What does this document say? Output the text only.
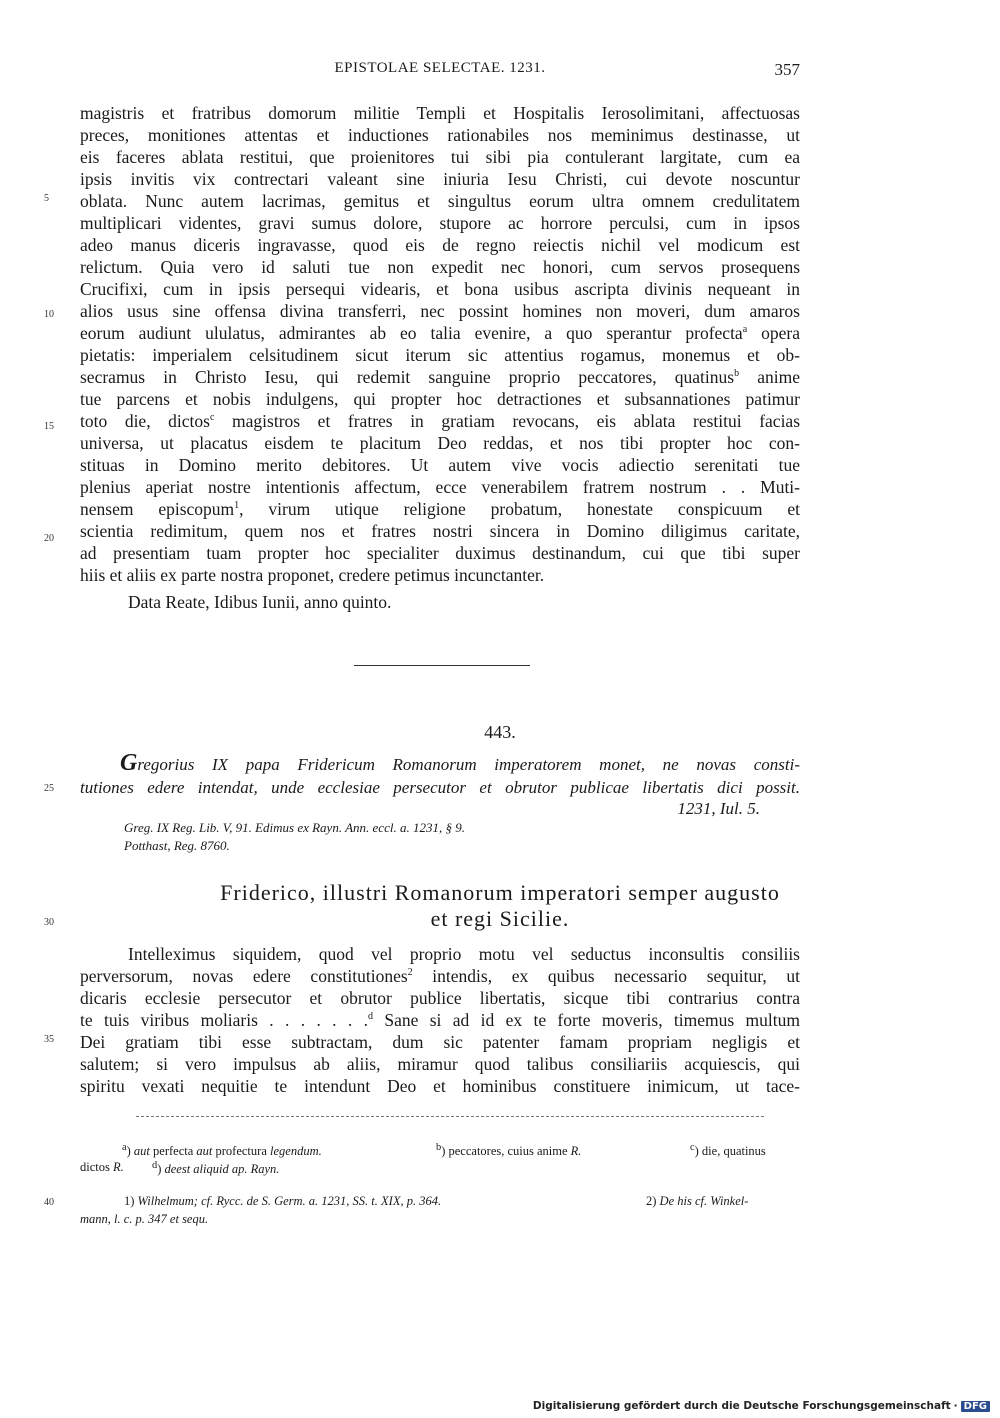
EPISTOLAE SELECTAE. 1231.	357
5
10
15
20
25
30
35
40
magistris et fratribus domorum militie Templi et Hospitalis Ierosolimitani, affectuosas
preces, monitiones attentas et inductiones rationabiles nos meminimus destinasse, ut
eis faceres ablata restitui, que proienitores tui sibi pia contulerant largitate, cum ea
ipsis invitis vix contrectari valeant sine iniuria Iesu Christi, cui devote noscuntur
oblata. Nunc autem lacrimas, gemitus et singultus eorum ultra omnem credulitatem
multiplicari videntes, gravi sumus dolore, stupore ac horrore perculsi, cum in ipsos
adeo manus diceris ingravasse, quod eis de regno reiectis nichil vel modicum est
relictum. Quia vero id saluti tue non expedit nec honori, cum servos prosequens
Crucifixi, cum in ipsis persequi videaris, et bona usibus ascripta divinis nequeant in
alios usus sine offensa divina transferri, nec possint homines non moveri, dum amaros
eorum audiunt ululatus, admirantes ab eo talia evenire, a quo sperantur profecta$^a$ opera
pietatis: imperialem celsitudinem sicut iterum sic attentius rogamus, monemus et ob-
secramus in Christo Iesu, qui redemit sanguine proprio peccatores, quatinus$^b$ anime
tue parcens et nobis indulgens, qui propter hoc detractiones et subsannationes patimur
toto die, dictos$^c$ magistros et fratres in gratiam revocans, eis ablata restitui facias
universa, ut placatus eisdem te placitum Deo reddas, et nos tibi propter hoc con-
stituas in Domino merito debitores. Ut autem vive vocis adiectio serenitati tue
plenius aperiat nostre intentionis affectum, ecce venerabilem fratrem nostrum . . Muti-
nensem episcopum$^1$, virum utique religione probatum, honestate conspicuum et
scientia redimitum, quem nos et fratres nostri sincera in Domino diligimus caritate,
ad presentiam tuam propter hoc specialiter duximus destinandum, cui que tibi super
hiis et aliis ex parte nostra proponet, credere petimus incunctanter.
Data Reate, Idibus Iunii, anno quinto.
443.
Gregorius IX papa Fridericum Romanorum imperatorem monet, ne novas consti-
tutiones edere intendat, unde ecclesiae persecutor et obrutor publicae libertatis dici possit.
1231, Iul. 5.
Greg. IX Reg. Lib. V, 91. Edimus ex Rayn. Ann. eccl. a. 1231, § 9.
Potthast, Reg. 8760.
Friderico, illustri Romanorum imperatori semper augusto
et regi Sicilie.
Intelleximus siquidem, quod vel proprio motu vel seductus inconsultis consiliis
perversorum, novas edere constitutiones$^2$ intendis, ex quibus necessario sequitur, ut
dicaris ecclesie persecutor et obrutor publice libertatis, sicque tibi contrarius contra
te tuis viribus moliaris . . . . . . .$^d$ Sane si ad id ex te forte moveris, timemus multum
Dei gratiam tibi esse subtractam, dum sic patenter famam propriam negligis et
salutem; si vero impulsus ab aliis, miramur quod talibus consiliariis acquiescis, qui
spiritu vexati nequitie te intendunt Deo et hominibus constituere inimicum, ut tace-
$^a$) aut perfecta aut profectura legendum.	$^b$) peccatores, cuius anime R.	$^c$) die, quatinus
dictos R.	$^d$) deest aliquid ap. Rayn.
1) Wilhelmum; cf. Rycc. de S. Germ. a. 1231, SS. t. XIX, p. 364.	2) De his cf. Winkel-
mann, l. c. p. 347 et sequ.
Digitalisierung gefördert durch die Deutsche Forschungsgemeinschaft · DFG
